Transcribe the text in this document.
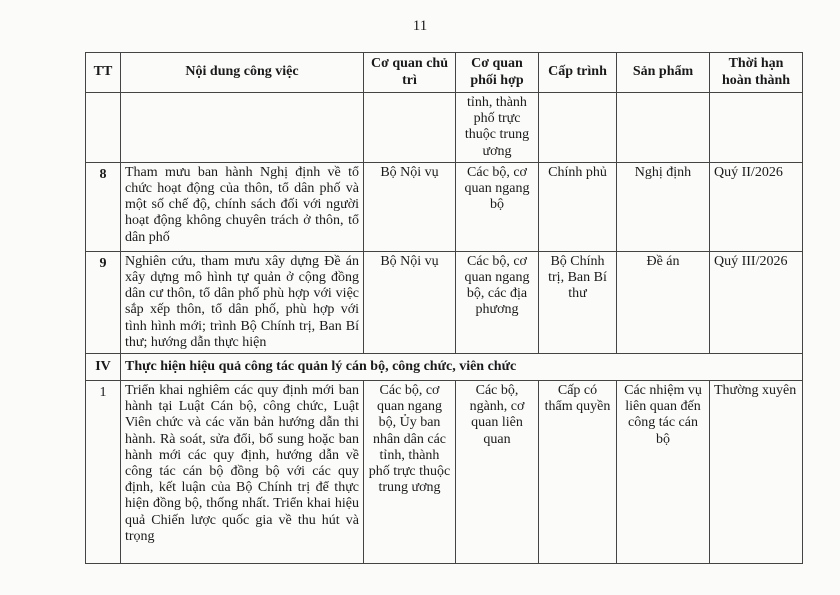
11
TT	Nội dung công việc	Cơ quan chủ trì	Cơ quan phối hợp	Cấp trình	Sản phẩm	Thời hạn hoàn thành
			tỉnh, thành phố trực thuộc trung ương			
8	Tham mưu ban hành Nghị định về tổ chức hoạt động của thôn, tổ dân phố và một số chế độ, chính sách đối với người hoạt động không chuyên trách ở thôn, tổ dân phố	Bộ Nội vụ	Các bộ, cơ quan ngang bộ	Chính phủ	Nghị định	Quý II/2026
9	Nghiên cứu, tham mưu xây dựng Đề án xây dựng mô hình tự quản ở cộng đồng dân cư thôn, tổ dân phố phù hợp với việc sắp xếp thôn, tổ dân phố, phù hợp với tình hình mới; trình Bộ Chính trị, Ban Bí thư; hướng dẫn thực hiện	Bộ Nội vụ	Các bộ, cơ quan ngang bộ, các địa phương	Bộ Chính trị, Ban Bí thư	Đề án	Quý III/2026
IV	Thực hiện hiệu quả công tác quản lý cán bộ, công chức, viên chức					
1	Triển khai nghiêm các quy định mới ban hành tại Luật Cán bộ, công chức, Luật Viên chức và các văn bản hướng dẫn thi hành. Rà soát, sửa đổi, bổ sung hoặc ban hành mới các quy định, hướng dẫn về công tác cán bộ đồng bộ với các quy định, kết luận của Bộ Chính trị để thực hiện đồng bộ, thống nhất. Triển khai hiệu quả Chiến lược quốc gia về thu hút và trọng	Các bộ, cơ quan ngang bộ, Ủy ban nhân dân các tỉnh, thành phố trực thuộc trung ương	Các bộ, ngành, cơ quan liên quan	Cấp có thẩm quyền	Các nhiệm vụ liên quan đến công tác cán bộ	Thường xuyên
